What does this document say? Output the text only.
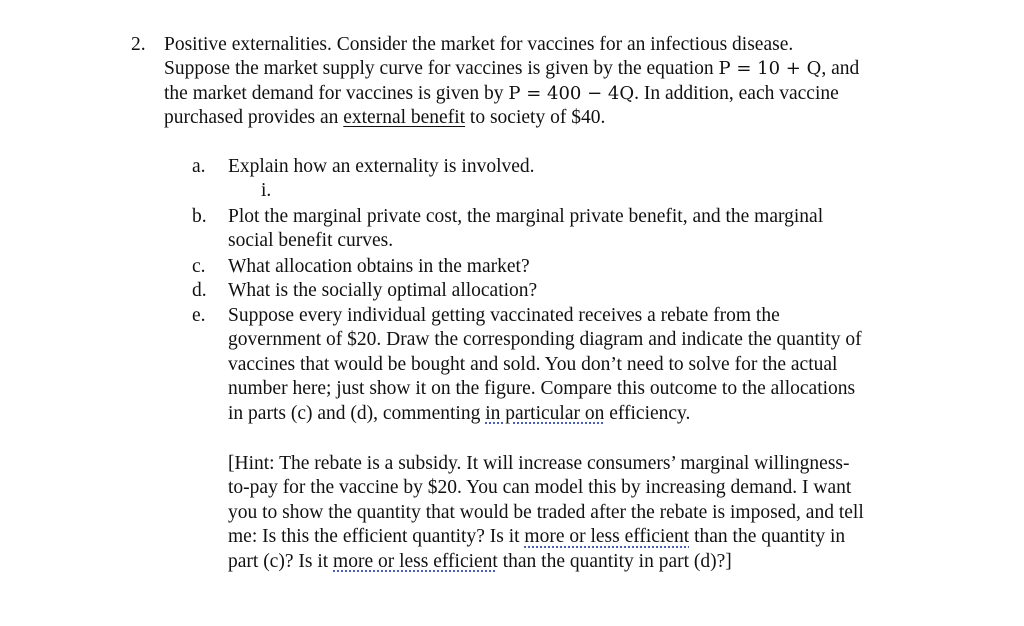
2. Positive externalities. Consider the market for vaccines for an infectious disease.
Suppose the market supply curve for vaccines is given by the equation P = 10 + Q, and
the market demand for vaccines is given by P = 400 − 4Q. In addition, each vaccine
purchased provides an external benefit to society of $40.
a.	Explain how an externality is involved.
i.
b.	Plot the marginal private cost, the marginal private benefit, and the marginal
social benefit curves.
c.	What allocation obtains in the market?
d.	What is the socially optimal allocation?
e.	Suppose every individual getting vaccinated receives a rebate from the
government of $20. Draw the corresponding diagram and indicate the quantity of
vaccines that would be bought and sold. You don’t need to solve for the actual
number here; just show it on the figure. Compare this outcome to the allocations
in parts (c) and (d), commenting in particular on efficiency.
[Hint: The rebate is a subsidy. It will increase consumers’ marginal willingness-
to-pay for the vaccine by $20. You can model this by increasing demand. I want
you to show the quantity that would be traded after the rebate is imposed, and tell
me: Is this the efficient quantity? Is it more or less efficient than the quantity in
part (c)? Is it more or less efficient than the quantity in part (d)?]
